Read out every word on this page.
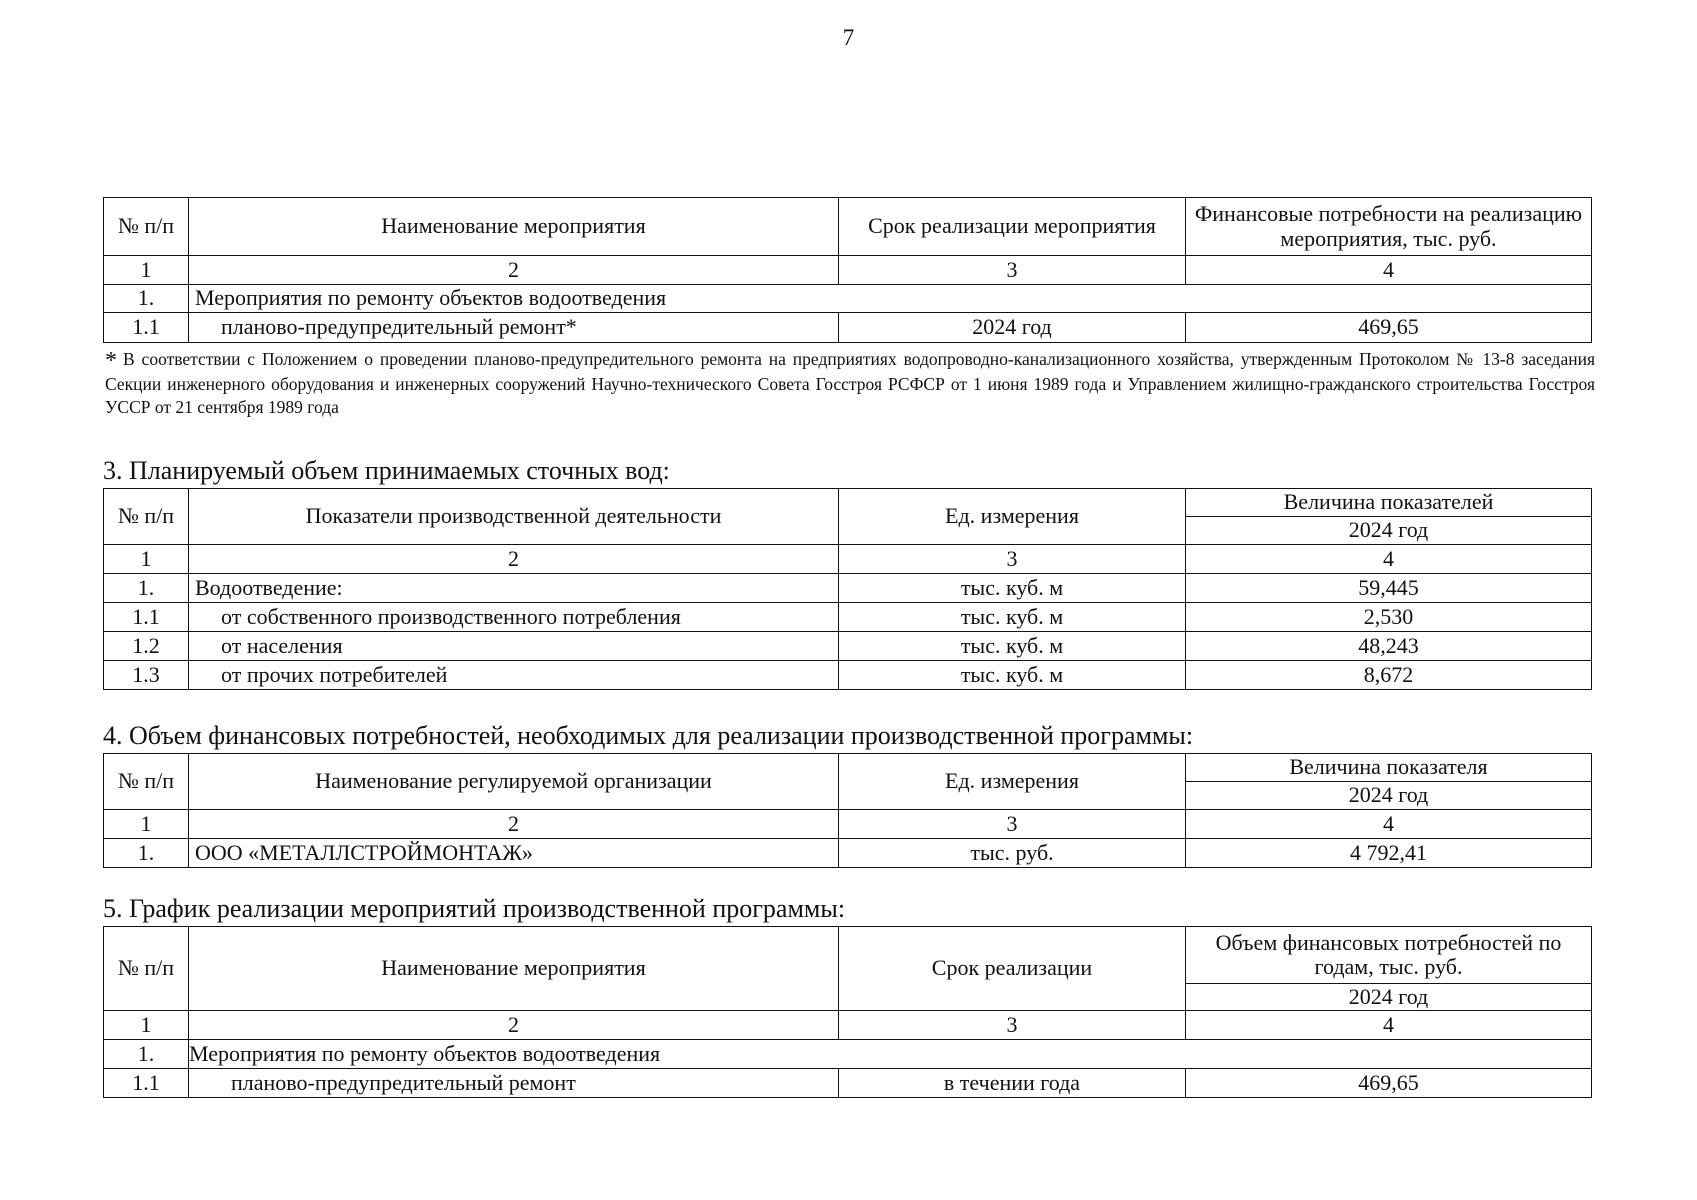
7
№ п/п	Наименование мероприятия	Срок реализации мероприятия	Финансовые потребности на реализацию мероприятия, тыс. руб.
1	2	3	4
1.	Мероприятия по ремонту объектов водоотведения		
1.1	планово-предупредительный ремонт*	2024 год	469,65
* В соответствии с Положением о проведении планово-предупредительного ремонта на предприятиях водопроводно-канализационного хозяйства, утвержденным Протоколом № 13-8 заседания Секции инженерного оборудования и инженерных сооружений Научно-технического Совета Госстроя РСФСР от 1 июня 1989 года и Управлением жилищно-гражданского строительства Госстроя УССР от 21 сентября 1989 года
3. Планируемый объем принимаемых сточных вод:
№ п/п	Показатели производственной деятельности	Ед. измерения	Величина показателей
			2024 год
1	2	3	4
1.	Водоотведение:	тыс. куб. м	59,445
1.1	от собственного производственного потребления	тыс. куб. м	2,530
1.2	от населения	тыс. куб. м	48,243
1.3	от прочих потребителей	тыс. куб. м	8,672
4. Объем финансовых потребностей, необходимых для реализации производственной программы:
№ п/п	Наименование регулируемой организации	Ед. измерения	Величина показателя
			2024 год
1	2	3	4
1.	ООО «МЕТАЛЛСТРОЙМОНТАЖ»	тыс. руб.	4 792,41
5. График реализации мероприятий производственной программы:
№ п/п	Наименование мероприятия	Срок реализации	Объем финансовых потребностей по годам, тыс. руб.
			2024 год
1	2	3	4
1.	Мероприятия по ремонту объектов водоотведения		
1.1	планово-предупредительный ремонт	в течении года	469,65
